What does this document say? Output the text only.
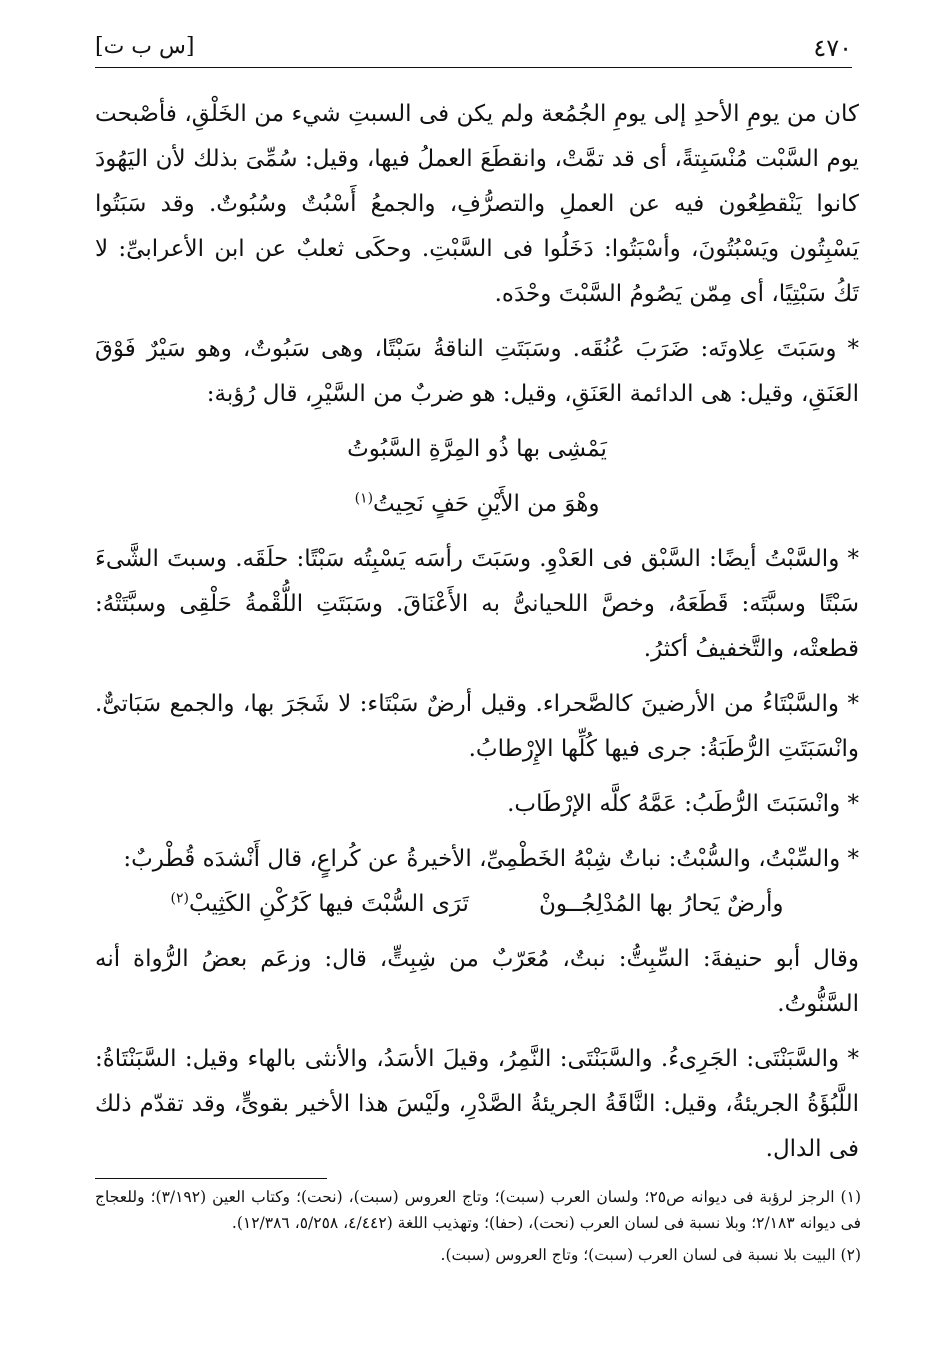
٤٧٠
[س ب ت]

كان من يومِ الأحدِ إلى يومِ الجُمُعة ولم يكن فى السبتِ شيء من الخَلْقِ، فأصْبحت يوم السَّبْت مُنْسَبِتةً، أى قد تمَّتْ، وانقطَعَ العملُ فيها، وقيل: سُمِّىَ بذلك لأن اليَهُودَ كانوا يَنْقطِعُون فيه عن العملِ والتصرُّفِ، والجمعُ أَسْبُتٌ وسُبُوتٌ. وقد سَبَتُوا يَسْبِتُون ويَسْبُتُونَ، وأسْبَتُوا: دَخَلُوا فى السَّبْتِ. وحكَى ثعلبٌ عن ابن الأعرابىِّ: لا تَكُ سَبْتِيًا، أى مِمّن يَصُومُ السَّبْتَ وحْدَه.

* وسَبَتَ عِلاوتَه: ضَرَبَ عُنُقَه. وسَبَتَتِ الناقةُ سَبْتًا، وهى سَبُوتٌ، وهو سَيْرٌ فَوْقَ العَنَقِ، وقيل: هى الدائمة العَنَقِ، وقيل: هو ضربٌ من السَّيْرِ، قال رُؤبة:

يَمْشِى بها ذُو المِرَّةِ السَّبُوتُ

وهْوَ من الأَيْنِ حَفٍ نَحِيتُ$^{(١)}$

* والسَّبْتُ أيضًا: السَّبْق فى العَدْوِ. وسَبَتَ رأسَه يَسْبِتُه سَبْتًا: حلَقَه. وسبتَ الشَّىءَ سَبْتًا وسبَّتَه: قَطَعَهُ، وخصَّ اللحيانىُّ به الأَعْنَاقَ. وسَبَتَتِ اللُّقْمةُ حَلْقِى وسبَّتَتْهُ: قطعتْه، والتَّخفيفُ أكثرُ.

* والسَّبْتَاءُ من الأرضينَ كالصَّحراء. وقيل أرضٌ سَبْتَاء: لا شَجَرَ بها، والجمع سَبَاتىٌّ. وانْسَبَتَتِ الرُّطَبَةُ: جرى فيها كُلِّها الإِرْطابُ.

* وانْسَبَتَ الرُّطَبُ: عَمَّهُ كلَّه الإرْطَاب.

* والسِّبْتُ، والسُّبْتُ: نباتٌ شِبْهُ الخَطْمِىِّ، الأخيرةُ عن كُراعٍ، قال أَنْشدَه قُطْربٌ:

وأرضٌ يَحارُ بها المُدْلِجُــونْ
تَرَى السُّبْتَ فيها كَرُكْنِ الكَثِيبْ$^{(٢)}$

وقال أبو حنيفةَ: السِّبِتُّ: نبتٌ، مُعَرّبٌ من شِبِتٍّ، قال: وزعَم بعضُ الرُّواة أنه السَّنُّوتُ.

* والسَّبَنْتَى: الجَرِىءُ. والسَّبَنْتَى: النَّمِرُ، وقيلَ الأسَدُ، والأنثى بالهاء وقيل: السَّبَنْتَاةُ: اللَّبُؤَةُ الجريئةُ، وقيل: النَّاقَةُ الجريئةُ الصَّدْرِ، ولَيْسَ هذا الأخير بقوىٍّ، وقد تقدّم ذلك فى الدال.

(١) الرجز لرؤبة فى ديوانه ص٢٥؛ ولسان العرب (سبت)؛ وتاج العروس (سبت)، (نحت)؛ وكتاب العين (٣/١٩٢)؛ وللعجاج فى ديوانه ٢/١٨٣؛ وبلا نسبة فى لسان العرب (نحت)، (حفا)؛ وتهذيب اللغة (٤/٤٤٢، ٥/٢٥٨، ١٢/٣٨٦).

(٢) البيت بلا نسبة فى لسان العرب (سبت)؛ وتاج العروس (سبت).
